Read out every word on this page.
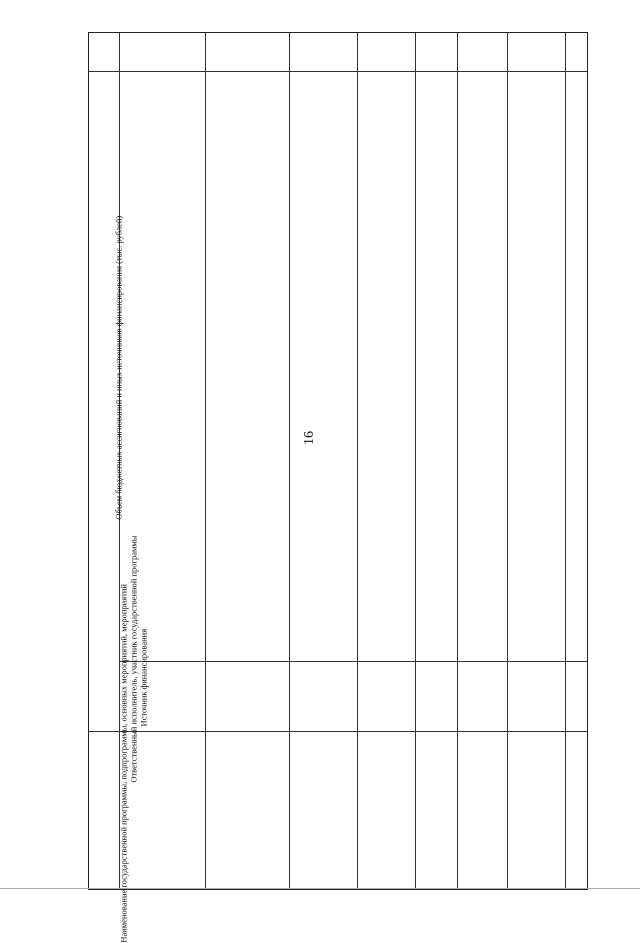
16
Наименование государственной программы, подпрограммы, основных мероприятий, мероприятий Ответственный исполнитель, участник государственной программы Источник финансирования
Объем бюджетных ассигнований и иных источников финансирования (тыс. рублей)
